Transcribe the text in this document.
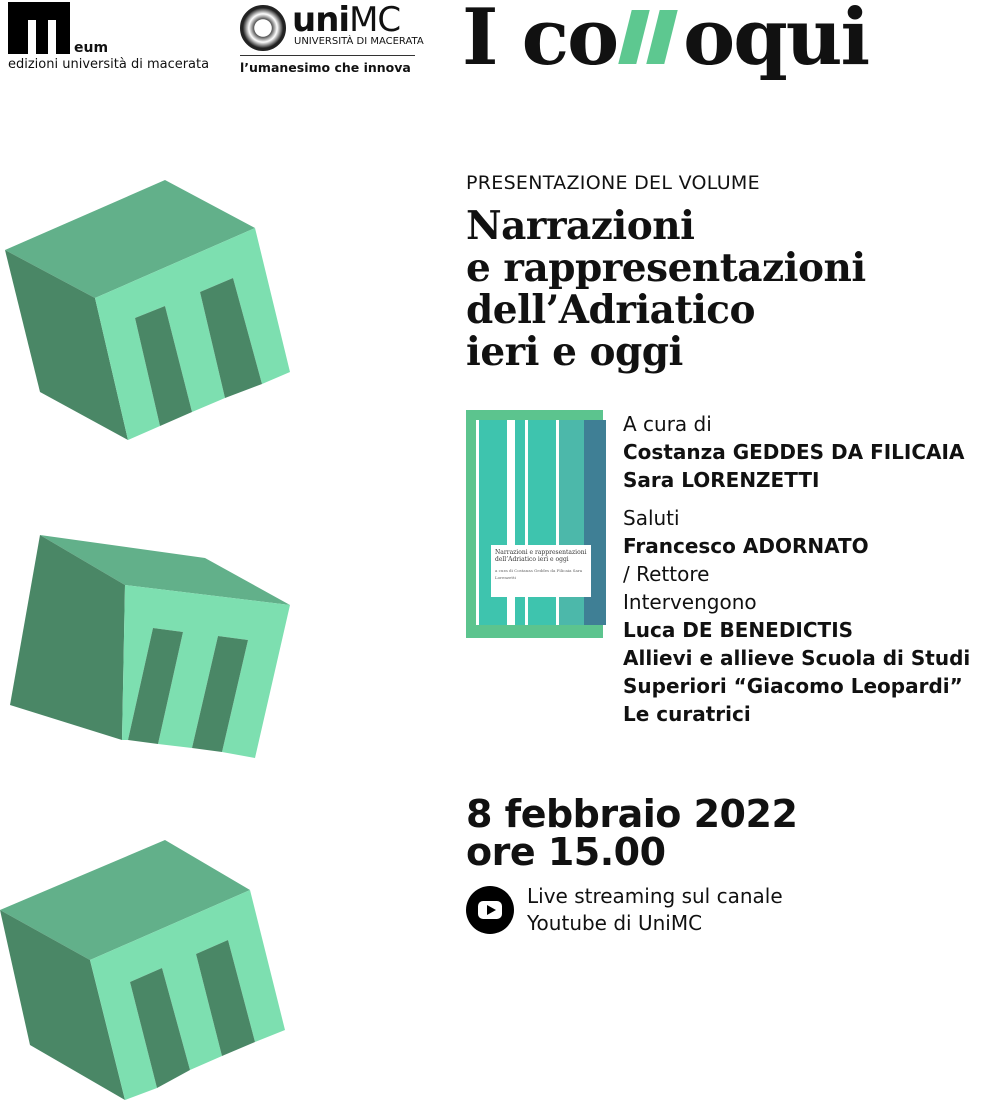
eum
edizioni università di macerata
uniMC
UNIVERSITÀ DI MACERATA
l’umanesimo che innova I co oqui
PRESENTAZIONE DEL VOLUME
Narrazioni
e rappresentazioni
dell’Adriatico
ieri e oggi
Narrazioni e rappresentazioni dell’Adriatico ieri e oggi
a cura di Costanza Geddes da Filicaia Sara Lorenzetti
A cura di
Costanza GEDDES DA FILICAIA
Sara LORENZETTI
Saluti
Francesco ADORNATO
/ Rettore
Intervengono
Luca DE BENEDICTIS
Allievi e allieve Scuola di Studi
Superiori “Giacomo Leopardi”
Le curatrici
8 febbraio 2022
ore 15.00
Live streaming sul canale
Youtube di UniMC
